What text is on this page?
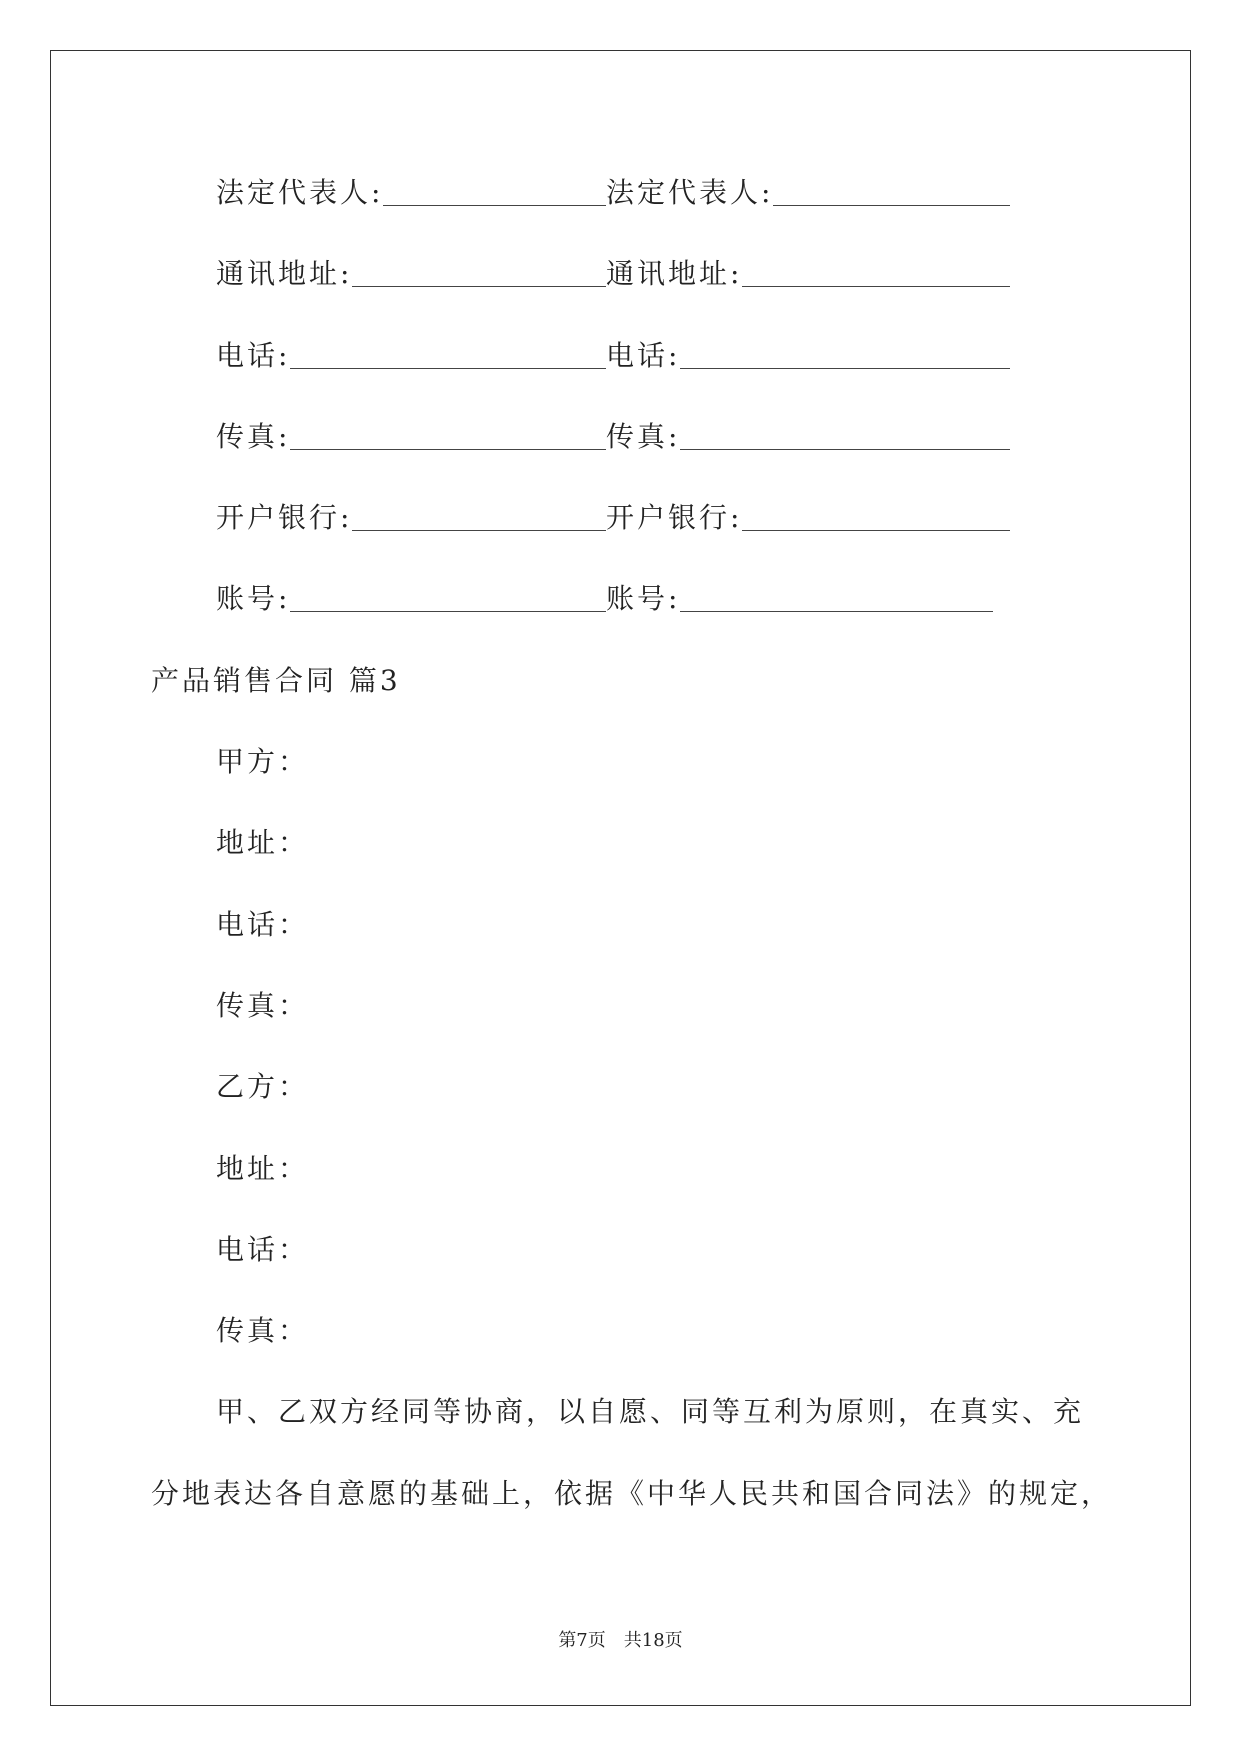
法定代表人:	法定代表人:
通讯地址:	通讯地址:
电话:	电话:
传真:	传真:
开户银行:	开户银行:
账号:	账号:
产品销售合同 篇3
甲方：
地址：
电话：
传真：
乙方：
地址：
电话：
传真：
甲、乙双方经同等协商，以自愿、同等互利为原则，在真实、充
分地表达各自意愿的基础上，依据《中华人民共和国合同法》的规定，
第7页　共18页
